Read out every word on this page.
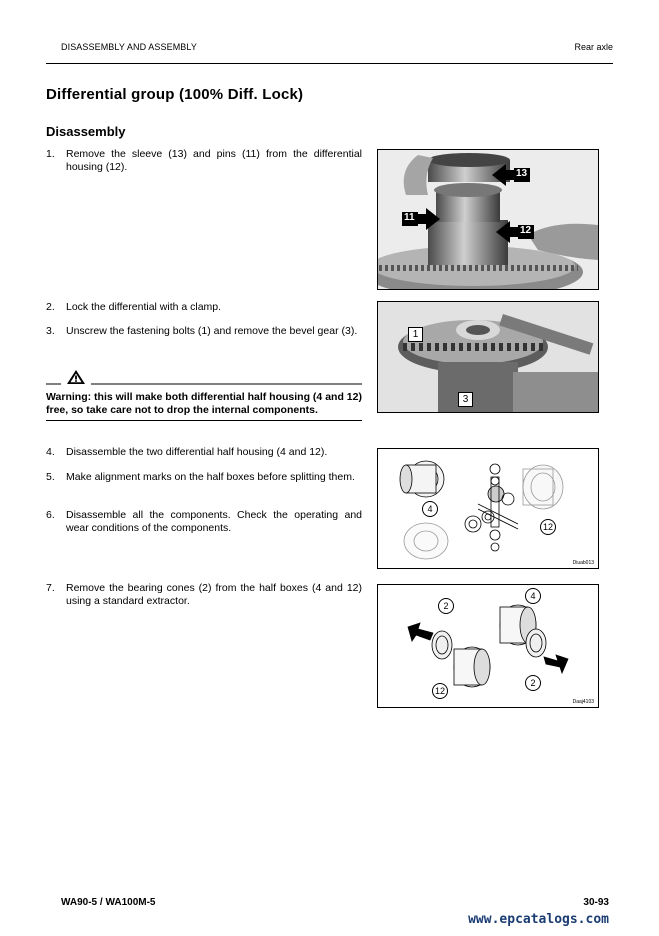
DISASSEMBLY AND ASSEMBLY	Rear axle
Differential group (100% Diff. Lock)
Disassembly
1.	Remove the sleeve (13) and pins (11) from the differential housing (12).
2.	Lock the differential with a clamp.
3.	Unscrew the fastening bolts (1) and remove the bevel gear (3).
Warning: this will make both differential half housing (4 and 12) free, so take care not to drop the internal components.
4.	Disassemble the two differential half housing (4 and 12).
5.	Make alignment marks on the half boxes before splitting them.
6.	Disassemble all the components. Check the operating and wear conditions of the components.
7.	Remove the bearing cones (2) from the half boxes (4 and 12) using a standard extractor.
13
11
12
1
3
4
12
Diuab013
2
4
12
2
Daaj4103
WA90-5 / WA100M-5	30-93
www.epcatalogs.com
